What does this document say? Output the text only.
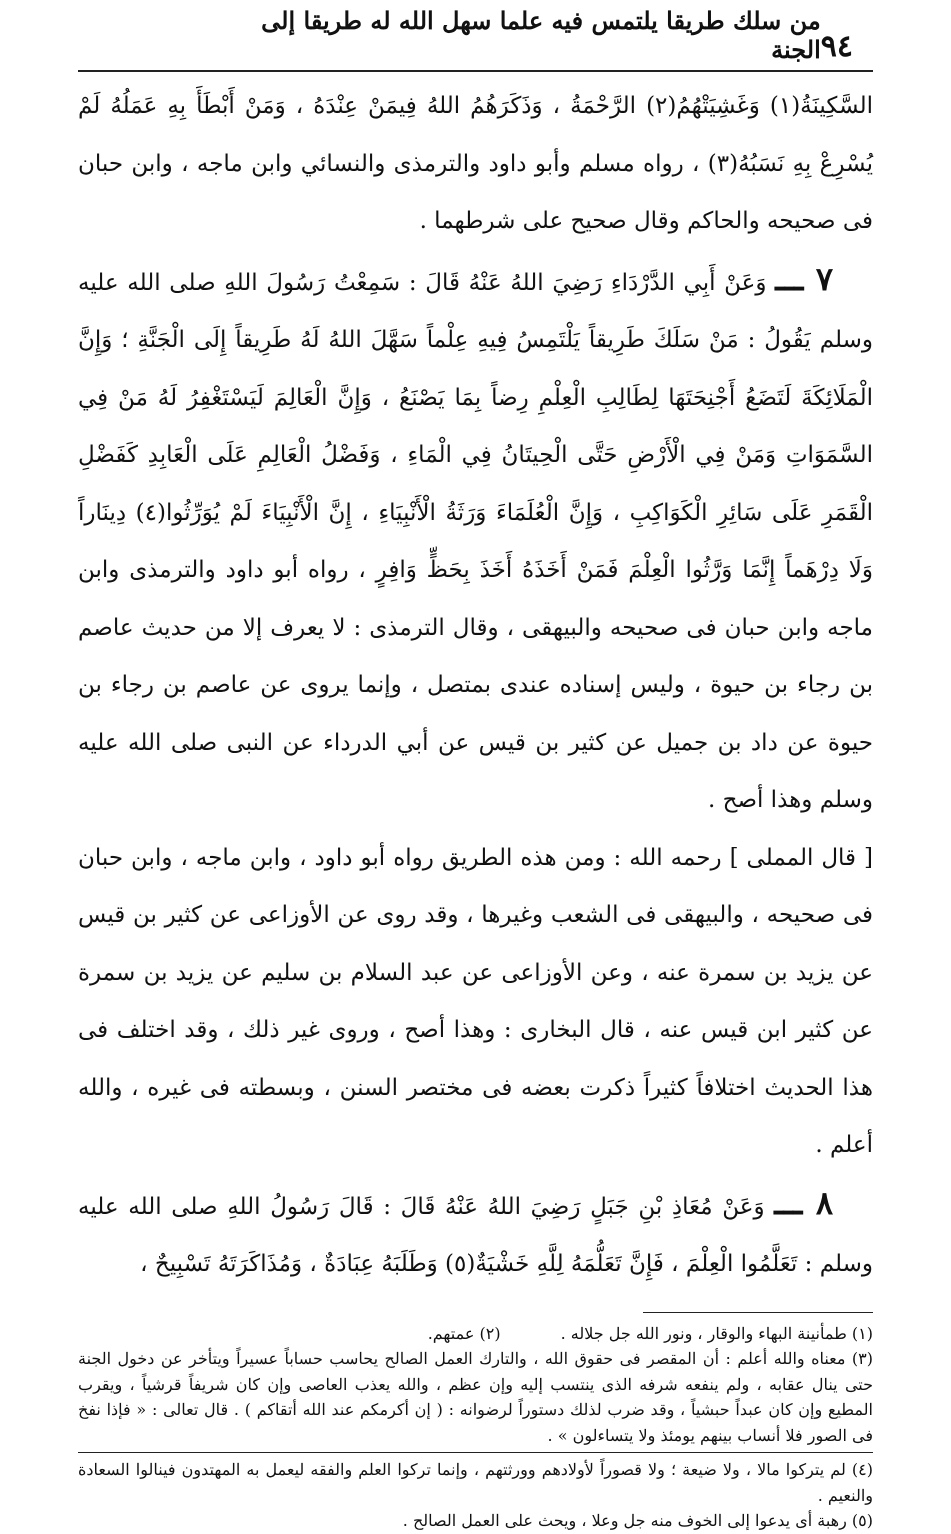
٩٤
من سلك طريقا يلتمس فيه علما سهل الله له طريقا إلى الجنة

السَّكِينَةُ(١) وَغَشِيَتْهُمُ(٢) الرَّحْمَةُ ، وَذَكَرَهُمُ اللهُ فِيمَنْ عِنْدَهُ ، وَمَنْ أَبْطَأَ بِهِ عَمَلُهُ لَمْ يُسْرِعْ بِهِ نَسَبُهُ(٣) ، رواه مسلم وأبو داود والترمذى والنسائي وابن ماجه ، وابن حبان فى صحيحه والحاكم وقال صحيح على شرطهما .

٧ ـــ وَعَنْ أَبِي الدَّرْدَاءِ رَضِيَ اللهُ عَنْهُ قَالَ : سَمِعْتُ رَسُولَ اللهِ صلى الله عليه وسلم يَقُولُ : مَنْ سَلَكَ طَرِيقاً يَلْتَمِسُ فِيهِ عِلْماً سَهَّلَ اللهُ لَهُ طَرِيقاً إِلَى الْجَنَّةِ ؛ وَإِنَّ الْمَلَائِكَةَ لَتَضَعُ أَجْنِحَتَهَا لِطَالِبِ الْعِلْمِ رِضاً بِمَا يَصْنَعُ ، وَإِنَّ الْعَالِمَ لَيَسْتَغْفِرُ لَهُ مَنْ فِي السَّمَوَاتِ وَمَنْ فِي الْأَرْضِ حَتَّى الْحِيتَانُ فِي الْمَاءِ ، وَفَضْلُ الْعَالِمِ عَلَى الْعَابِدِ كَفَضْلِ الْقَمَرِ عَلَى سَائِرِ الْكَوَاكِبِ ، وَإِنَّ الْعُلَمَاءَ وَرَثَةُ الْأَنْبِيَاءِ ، إِنَّ الْأَنْبِيَاءَ لَمْ يُوَرِّثُوا(٤) دِينَاراً وَلَا دِرْهَماً إِنَّمَا وَرَّثُوا الْعِلْمَ فَمَنْ أَخَذَهُ أَخَذَ بِحَظٍّ وَافِرٍ ، رواه أبو داود والترمذى وابن ماجه وابن حبان فى صحيحه والبيهقى ، وقال الترمذى : لا يعرف إلا من حديث عاصم بن رجاء بن حيوة ، وليس إسناده عندى بمتصل ، وإنما يروى عن عاصم بن رجاء بن حيوة عن داد بن جميل عن كثير بن قيس عن أبي الدرداء عن النبى صلى الله عليه وسلم وهذا أصح .

[ قال المملى ] رحمه الله : ومن هذه الطريق رواه أبو داود ، وابن ماجه ، وابن حبان فى صحيحه ، والبيهقى فى الشعب وغيرها ، وقد روى عن الأوزاعى عن كثير بن قيس عن يزيد بن سمرة عنه ، وعن الأوزاعى عن عبد السلام بن سليم عن يزيد بن سمرة عن كثير ابن قيس عنه ، قال البخارى : وهذا أصح ، وروى غير ذلك ، وقد اختلف فى هذا الحديث اختلافاً كثيراً ذكرت بعضه فى مختصر السنن ، وبسطته فى غيره ، والله أعلم .

٨ ـــ وَعَنْ مُعَاذِ بْنِ جَبَلٍ رَضِيَ اللهُ عَنْهُ قَالَ : قَالَ رَسُولُ اللهِ صلى الله عليه وسلم : تَعَلَّمُوا الْعِلْمَ ، فَإِنَّ تَعَلُّمَهُ لِلَّهِ خَشْيَةٌ(٥) وَطَلَبَهُ عِبَادَةٌ ، وَمُذَاكَرَتَهُ تَسْبِيحٌ ،

(١) طمأنينة البهاء والوقار ، ونور الله جل جلاله .

(٢) عمتهم.

(٣) معناه والله أعلم : أن المقصر فى حقوق الله ، والتارك العمل الصالح يحاسب حساباً عسيراً ويتأخر عن دخول الجنة حتى ينال عقابه ، ولم ينفعه شرفه الذى ينتسب إليه وإن عظم ، والله يعذب العاصى وإن كان شريفاً قرشياً ، ويقرب المطيع وإن كان عبداً حبشياً ، وقد ضرب لذلك دستوراً لرضوانه : ( إن أكرمكم عند الله أتقاكم ) . قال تعالى : « فإذا نفخ فى الصور فلا أنساب بينهم يومئذ ولا يتساءلون » .

(٤) لم يتركوا مالا ، ولا ضيعة ؛ ولا قصوراً لأولادهم وورثتهم ، وإنما تركوا العلم والفقه ليعمل به المهتدون فينالوا السعادة والنعيم .

(٥) رهبة أى يدعوا إلى الخوف منه جل وعلا ، ويحث على العمل الصالح .
